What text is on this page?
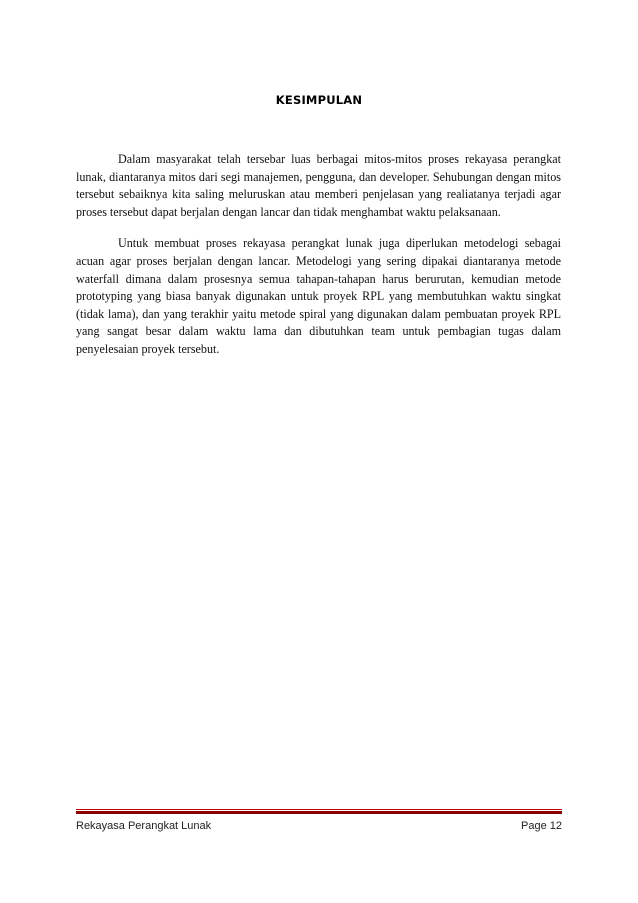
KESIMPULAN

Dalam masyarakat telah tersebar luas berbagai mitos-mitos proses rekayasa perangkat lunak, diantaranya mitos dari segi manajemen, pengguna, dan developer. Sehubungan dengan mitos tersebut sebaiknya kita saling meluruskan atau memberi penjelasan yang realiatanya terjadi agar proses tersebut dapat berjalan dengan lancar dan tidak menghambat waktu pelaksanaan.

Untuk membuat proses rekayasa perangkat lunak juga diperlukan metodelogi sebagai acuan agar proses berjalan dengan lancar. Metodelogi yang sering dipakai diantaranya metode waterfall dimana dalam prosesnya semua tahapan-tahapan harus berurutan, kemudian metode prototyping yang biasa banyak digunakan untuk proyek RPL yang membutuhkan waktu singkat (tidak lama), dan yang terakhir yaitu metode spiral yang digunakan dalam pembuatan proyek RPL yang sangat besar dalam waktu lama dan dibutuhkan team untuk pembagian tugas dalam penyelesaian proyek tersebut.

Rekayasa Perangkat Lunak	Page 12
